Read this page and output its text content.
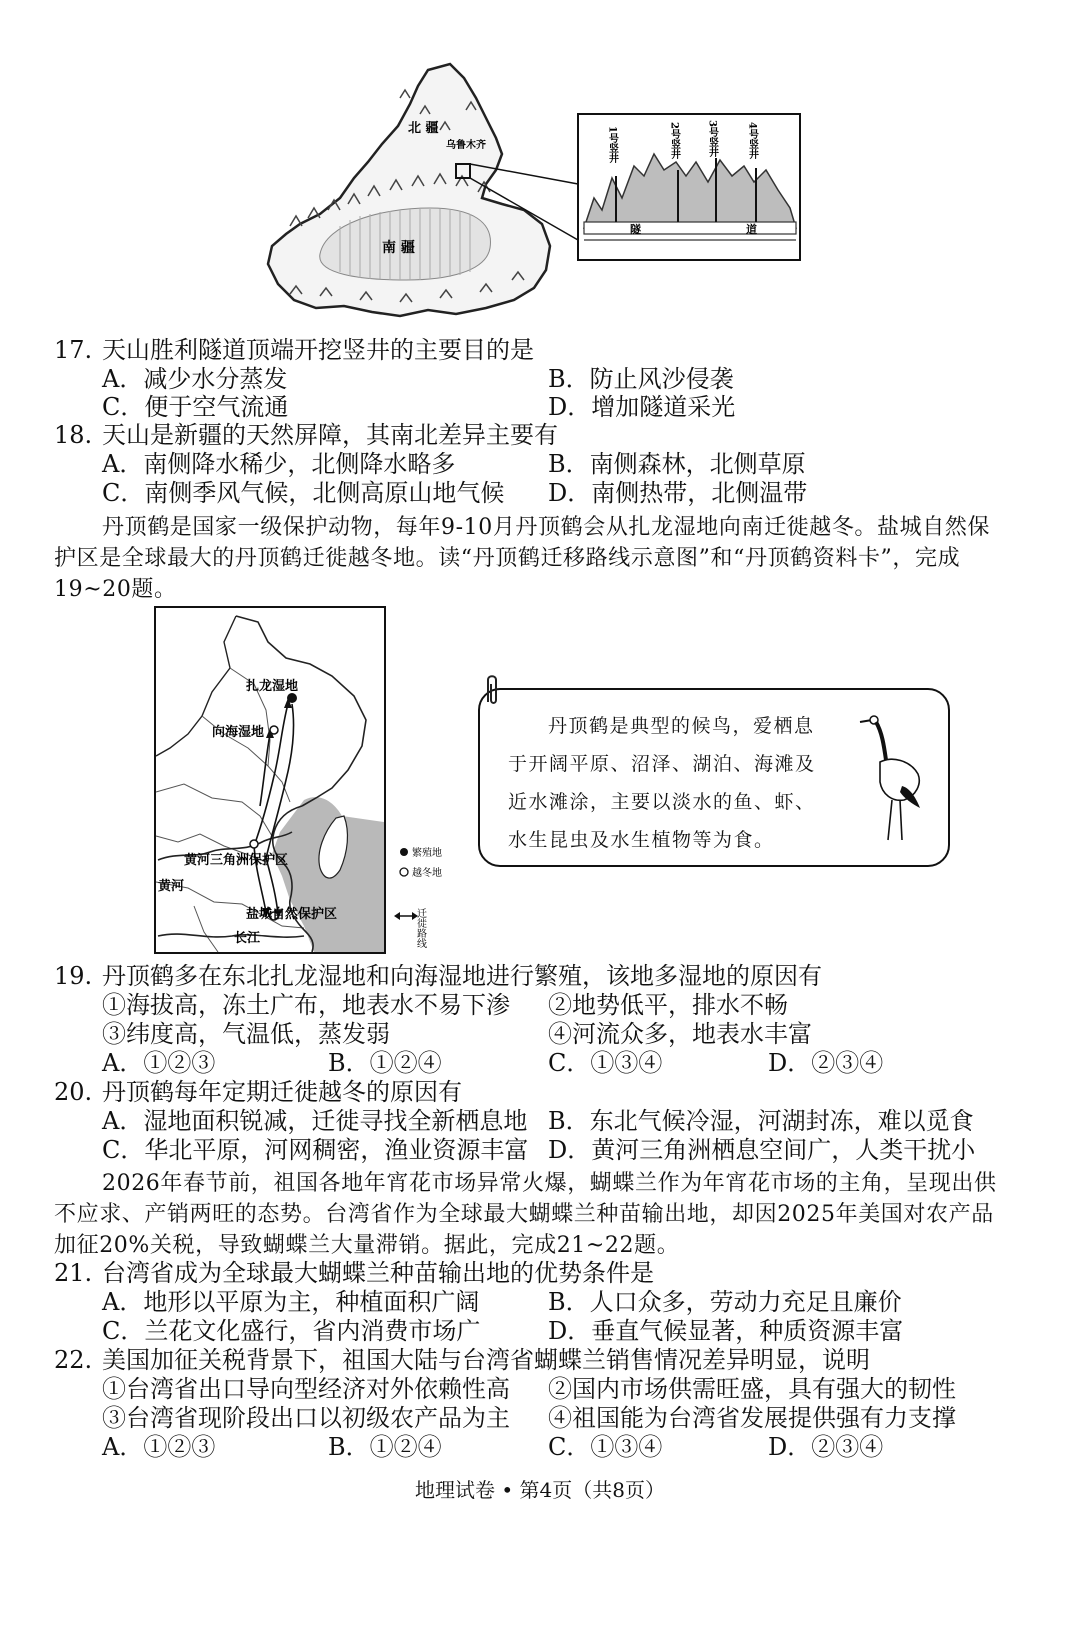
北 疆
南 疆
乌鲁木齐	1号竖井	2号竖井	3号竖井	4号竖井
隧	道
17. 天山胜利隧道顶端开挖竖井的主要目的是
A．减少水分蒸发	B．防止风沙侵袭
C．便于空气流通	D．增加隧道采光
18. 天山是新疆的天然屏障，其南北差异主要有
A．南侧降水稀少，北侧降水略多	B．南侧森林，北侧草原
C．南侧季风气候，北侧高原山地气候 D．南侧热带，北侧温带
丹顶鹤是国家一级保护动物，每年9-10月丹顶鹤会从扎龙湿地向南迁徙越冬。盐城自然保护区是全球最大的丹顶鹤迁徙越冬地。读“丹顶鹤迁移路线示意图”和“丹顶鹤资料卡”，完成19~20题。
扎龙湿地
向海湿地
黄河三角洲保护区
黄河
盐城自然保护区
长江
繁殖地
越冬地
迁徙路线
丹顶鹤是典型的候鸟，爱栖息
于开阔平原、沼泽、湖泊、海滩及
近水滩涂，主要以淡水的鱼、虾、
水生昆虫及水生植物等为食。
19. 丹顶鹤多在东北扎龙湿地和向海湿地进行繁殖，该地多湿地的原因有
①海拔高，冻土广布，地表水不易下渗 ②地势低平，排水不畅
③纬度高，气温低，蒸发弱	④河流众多，地表水丰富
A．①②③	B．①②④	C．①③④	D．②③④
20. 丹顶鹤每年定期迁徙越冬的原因有
A．湿地面积锐减，迁徙寻找全新栖息地 B．东北气候冷湿，河湖封冻，难以觅食
C．华北平原，河网稠密，渔业资源丰富 D．黄河三角洲栖息空间广，人类干扰小
2026年春节前，祖国各地年宵花市场异常火爆，蝴蝶兰作为年宵花市场的主角，呈现出供不应求、产销两旺的态势。台湾省作为全球最大蝴蝶兰种苗输出地，却因2025年美国对农产品加征20%关税，导致蝴蝶兰大量滞销。据此，完成21~22题。
21. 台湾省成为全球最大蝴蝶兰种苗输出地的优势条件是
A．地形以平原为主，种植面积广阔	B．人口众多，劳动力充足且廉价
C．兰花文化盛行，省内消费市场广	D．垂直气候显著，种质资源丰富
22. 美国加征关税背景下，祖国大陆与台湾省蝴蝶兰销售情况差异明显，说明
①台湾省出口导向型经济对外依赖性高 ②国内市场供需旺盛，具有强大的韧性
③台湾省现阶段出口以初级农产品为主 ④祖国能为台湾省发展提供强有力支撑
A．①②③	B．①②④	C．①③④	D．②③④
地理试卷 • 第4页（共8页）
